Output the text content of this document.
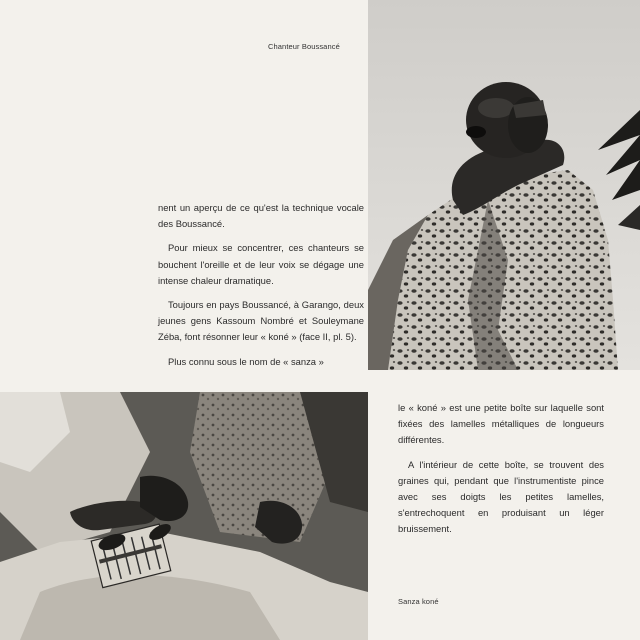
Chanteur Boussancé

nent un aperçu de ce qu'est la technique vocale des Boussancé.

Pour mieux se concentrer, ces chanteurs se bouchent l'oreille et de leur voix se dégage une intense chaleur dramatique.

Toujours en pays Boussancé, à Garango, deux jeunes gens Kassoum Nombré et Souleymane Zéba, font résonner leur « koné » (face II, pl. 5).

Plus connu sous le nom de « sanza »

le « koné » est une petite boîte sur laquelle sont fixées des lamelles métalliques de longueurs différentes.

A l'intérieur de cette boîte, se trouvent des graines qui, pendant que l'instrumentiste pince avec ses doigts les petites lamelles, s'entrechoquent en produisant un léger bruissement.

Sanza koné
